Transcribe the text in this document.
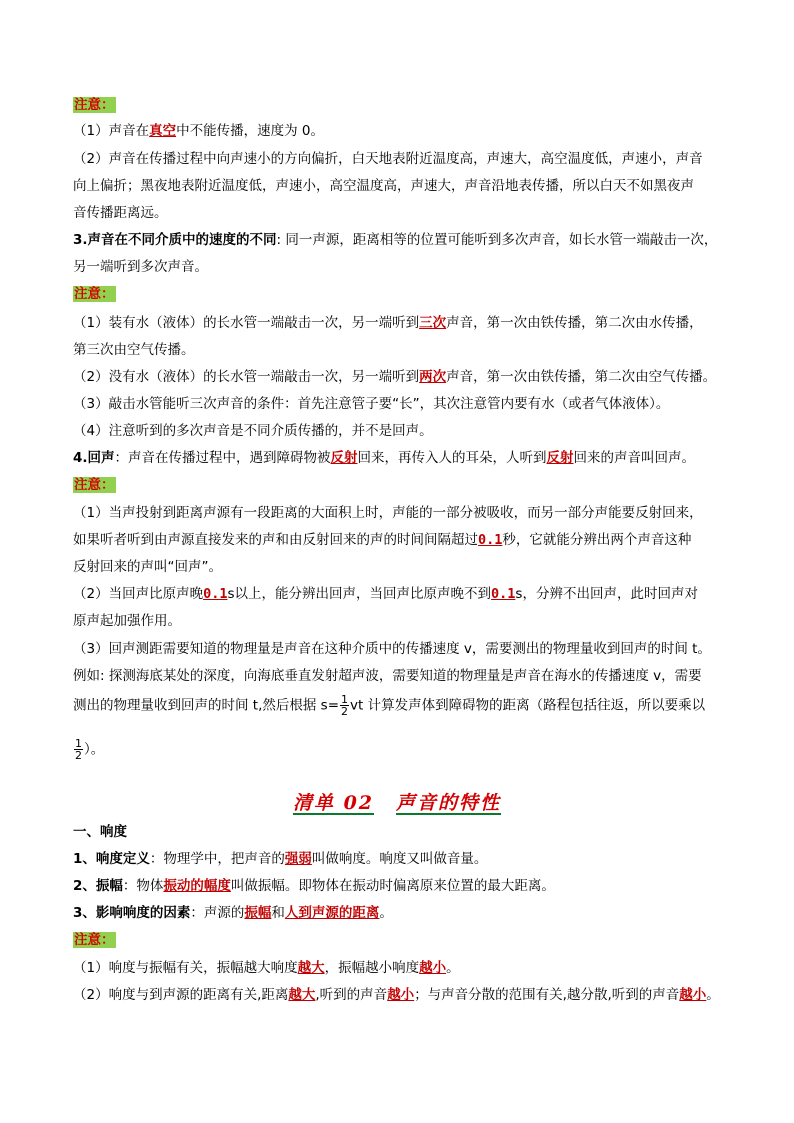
注意：
（1）声音在真空中不能传播，速度为 0。
（2）声音在传播过程中向声速小的方向偏折，白天地表附近温度高，声速大，高空温度低，声速小，声音
向上偏折；黑夜地表附近温度低，声速小，高空温度高，声速大，声音沿地表传播，所以白天不如黑夜声
音传播距离远。
3.声音在不同介质中的速度的不同: 同一声源，距离相等的位置可能听到多次声音，如长水管一端敲击一次，
另一端听到多次声音。
注意：
（1）装有水（液体）的长水管一端敲击一次，另一端听到三次声音，第一次由铁传播，第二次由水传播，
第三次由空气传播。
（2）没有水（液体）的长水管一端敲击一次，另一端听到两次声音，第一次由铁传播，第二次由空气传播。
（3）敲击水管能听三次声音的条件：首先注意管子要“长”，其次注意管内要有水（或者气体液体）。
（4）注意听到的多次声音是不同介质传播的，并不是回声。
4.回声：声音在传播过程中，遇到障碍物被反射回来，再传入人的耳朵，人听到反射回来的声音叫回声。
注意：
（1）当声投射到距离声源有一段距离的大面积上时，声能的一部分被吸收，而另一部分声能要反射回来，
如果听者听到由声源直接发来的声和由反射回来的声的时间间隔超过0.1秒，它就能分辨出两个声音这种
反射回来的声叫“回声”。
（2）当回声比原声晚0.1s以上，能分辨出回声，当回声比原声晚不到0.1s，分辨不出回声，此时回声对
原声起加强作用。
（3）回声测距需要知道的物理量是声音在这种介质中的传播速度 v，需要测出的物理量收到回声的时间 t。
例如: 探测海底某处的深度，向海底垂直发射超声波，需要知道的物理量是声音在海水的传播速度 v，需要
测出的物理量收到回声的时间 t,然后根据 $s= \frac{1}{2}$ vt 计算发声体到障碍物的距离（路程包括往返，所以要乘以
$\frac{1}{2}$ ）。
清单 02 声音的特性
一、响度
1、响度定义：物理学中，把声音的强弱叫做响度。响度又叫做音量。
2、振幅：物体振动的幅度叫做振幅。即物体在振动时偏离原来位置的最大距离。
3、影响响度的因素：声源的振幅和人到声源的距离。
注意：
（1）响度与振幅有关，振幅越大响度越大，振幅越小响度越小。
（2）响度与到声源的距离有关,距离越大,听到的声音越小；与声音分散的范围有关,越分散,听到的声音越小。
